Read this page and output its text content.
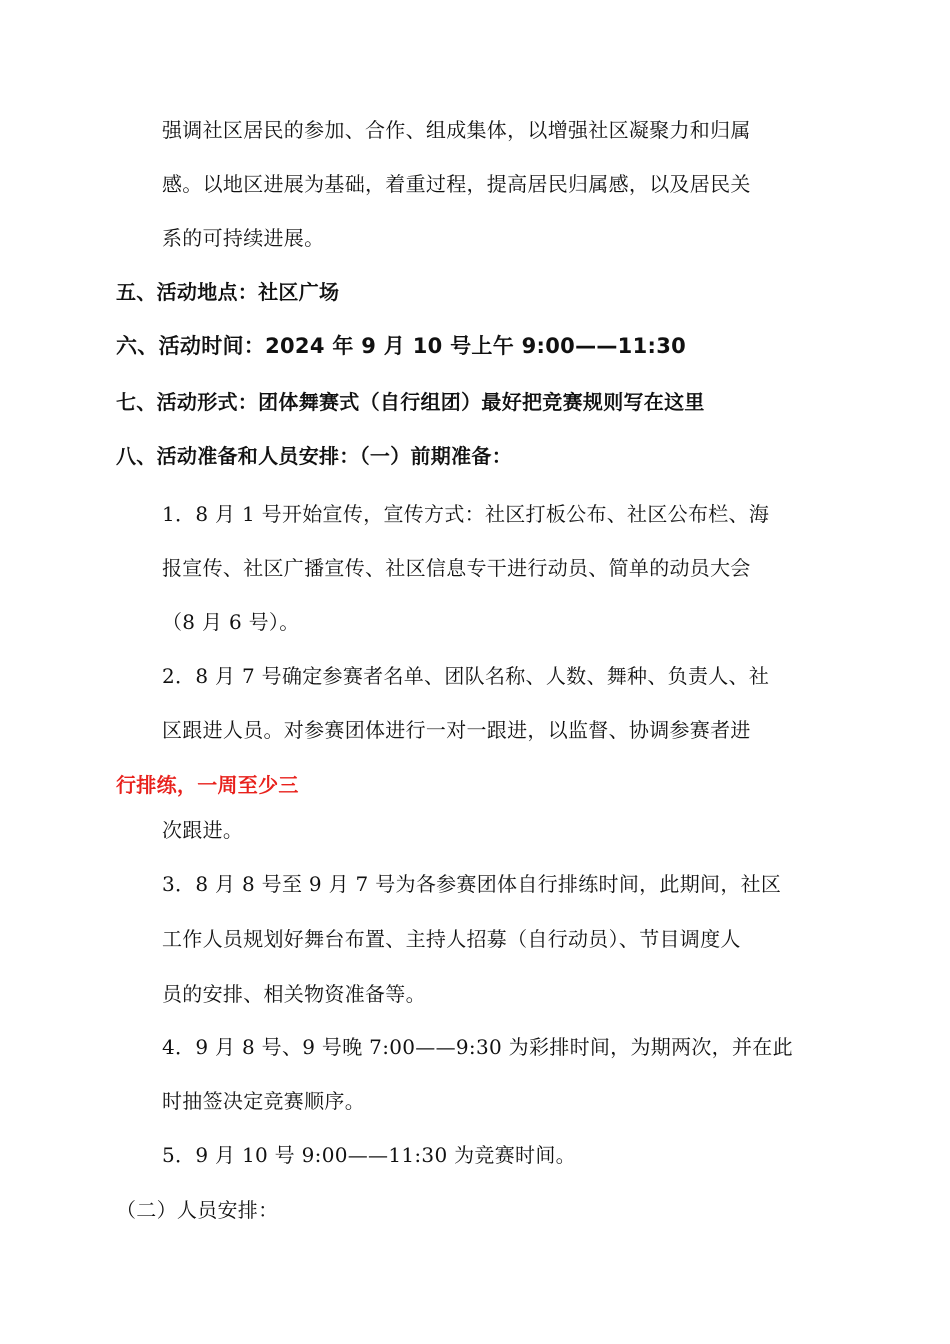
强调社区居民的参加、合作、组成集体，以增强社区凝聚力和归属
感。以地区进展为基础，着重过程，提高居民归属感，以及居民关
系的可持续进展。
五、活动地点：社区广场
六、活动时间：2024 年 9 月 10 号上午 9:00——11:30
七、活动形式：团体舞赛式（自行组团）最好把竞赛规则写在这里
八、活动准备和人员安排：（一）前期准备：
1．8 月 1 号开始宣传，宣传方式：社区打板公布、社区公布栏、海
报宣传、社区广播宣传、社区信息专干进行动员、简单的动员大会
（8 月 6 号）。
2．8 月 7 号确定参赛者名单、团队名称、人数、舞种、负责人、社
区跟进人员。对参赛团体进行一对一跟进，以监督、协调参赛者进
行排练，一周至少三
次跟进。
3．8 月 8 号至 9 月 7 号为各参赛团体自行排练时间，此期间，社区
工作人员规划好舞台布置、主持人招募（自行动员）、节目调度人
员的安排、相关物资准备等。
4．9 月 8 号、9 号晚 7:00——9:30 为彩排时间，为期两次，并在此
时抽签决定竞赛顺序。
5．9 月 10 号 9:00——11:30 为竞赛时间。
（二）人员安排：
